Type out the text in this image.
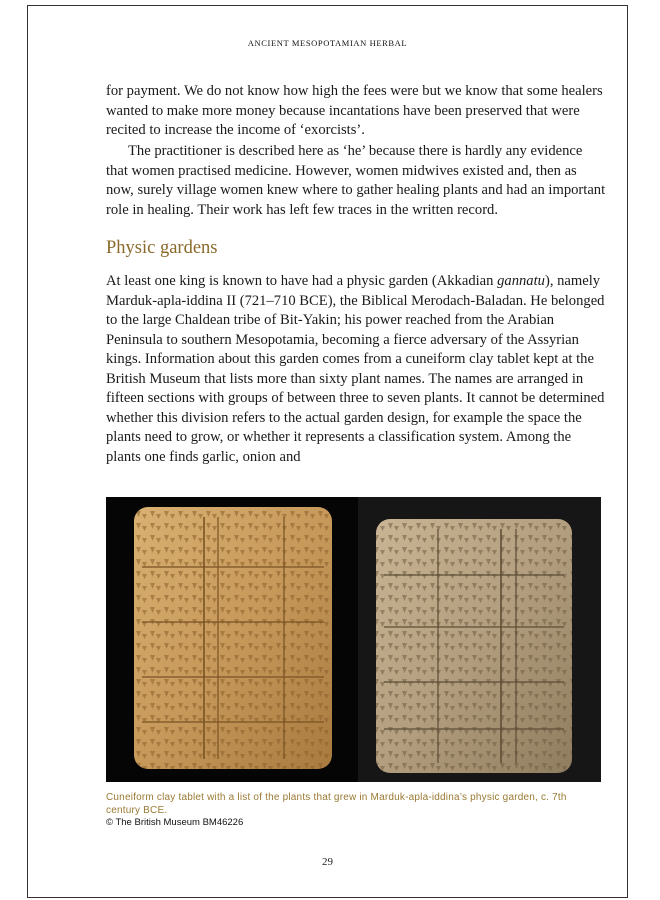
ANCIENT MESOPOTAMIAN HERBAL

for payment. We do not know how high the fees were but we know that some healers wanted to make more money because incantations have been preserved that were recited to increase the income of ‘exorcists’.

The practitioner is described here as ‘he’ because there is hardly any evidence that women practised medicine. However, women midwives existed and, then as now, surely village women knew where to gather healing plants and had an important role in healing. Their work has left few traces in the written record.

Physic gardens

At least one king is known to have had a physic garden (Akkadian gannatu), namely Marduk-apla-iddina II (721–710 BCE), the Biblical Merodach-Baladan. He belonged to the large Chaldean tribe of Bit-Yakin; his power reached from the Arabian Peninsula to southern Mesopotamia, becoming a fierce adversary of the Assyrian kings. Information about this garden comes from a cuneiform clay tablet kept at the British Museum that lists more than sixty plant names. The names are arranged in fifteen sections with groups of between three to seven plants. It cannot be determined whether this division refers to the actual garden design, for example the space the plants need to grow, or whether it represents a classification system. Among the plants one finds garlic, onion and

Cuneiform clay tablet with a list of the plants that grew in Marduk-apla-iddina’s physic garden, c. 7th century BCE.
© The British Museum BM46226
29
